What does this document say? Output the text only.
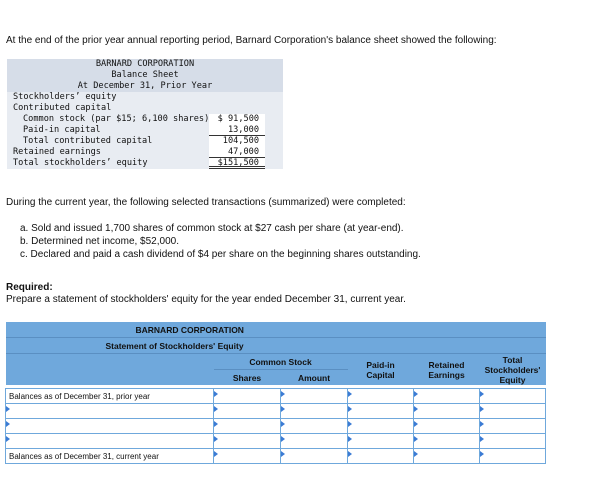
At the end of the prior year annual reporting period, Barnard Corporation's balance sheet showed the following:
BARNARD CORPORATION
Balance Sheet
At December 31, Prior Year
Stockholders’ equity
Contributed capital
Common stock (par $15; 6,100 shares) $ 91,500
Paid-in capital	13,000
Total contributed capital	104,500
Retained earnings	47,000
Total stockholders’ equity	$151,500
During the current year, the following selected transactions (summarized) were completed:
a. Sold and issued 1,700 shares of common stock at $27 cash per share (at year-end).
b. Determined net income, $52,000.
c. Declared and paid a cash dividend of $4 per share on the beginning shares outstanding.
Required:
Prepare a statement of stockholders' equity for the year ended December 31, current year.
BARNARD CORPORATION					
Statement of Stockholders' Equity					
	Common Stock		Paid-in Capital	Retained Earnings	Total Stockholders' Equity
	Shares	Amount			

Balances as of December 31, prior year					

Balances as of December 31, current year					
